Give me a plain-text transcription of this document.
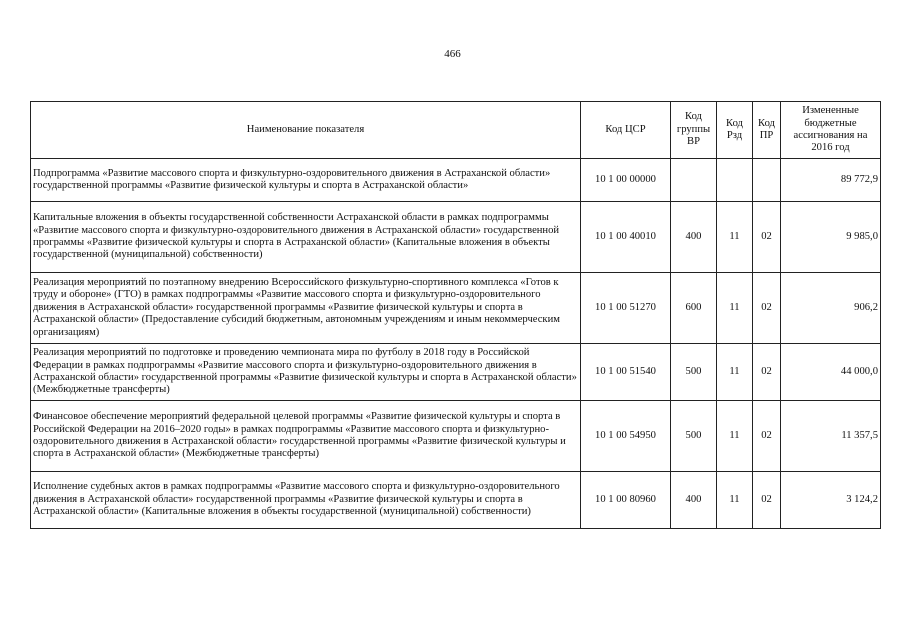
466
Наименование показателя	Код ЦСР	Код группы ВР	Код Рзд	Код ПР	Измененные бюджетные ассигнования на 2016 год
Подпрограмма «Развитие массового спорта и физкультурно-оздоровительного движения в Астраханской области» государственной программы «Развитие физической культуры и спорта в Астраханской области»	10 1 00 00000				89 772,9
Капитальные вложения в объекты государственной собственности Астраханской области в рамках подпрограммы «Развитие массового спорта и физкультурно-оздоровительного движения в Астраханской области» государственной программы «Развитие физической культуры и спорта в Астраханской области» (Капитальные вложения в объекты государственной (муниципальной) собственности)	10 1 00 40010	400	11	02	9 985,0
Реализация мероприятий по поэтапному внедрению Всероссийского физкультурно-спортивного комплекса «Готов к труду и обороне» (ГТО) в рамках подпрограммы «Развитие массового спорта и физкультурно-оздоровительного движения в Астраханской области» государственной программы «Развитие физической культуры и спорта в Астраханской области» (Предоставление субсидий бюджетным, автономным учреждениям и иным некоммерческим организациям)	10 1 00 51270	600	11	02	906,2
Реализация мероприятий по подготовке и проведению чемпионата мира по футболу в 2018 году в Российской Федерации в рамках подпрограммы «Развитие массового спорта и физкультурно-оздоровительного движения в Астраханской области» государственной программы «Развитие физической культуры и спорта в Астраханской области» (Межбюджетные трансферты)	10 1 00 51540	500	11	02	44 000,0
Финансовое обеспечение мероприятий федеральной целевой программы «Развитие физической культуры и спорта в Российской Федерации на 2016–2020 годы» в рамках подпрограммы «Развитие массового спорта и физкультурно-оздоровительного движения в Астраханской области» государственной программы «Развитие физической культуры и спорта в Астраханской области» (Межбюджетные трансферты)	10 1 00 54950	500	11	02	11 357,5
Исполнение судебных актов в рамках подпрограммы «Развитие массового спорта и физкультурно-оздоровительного движения в Астраханской области» государственной программы «Развитие физической культуры и спорта в Астраханской области» (Капитальные вложения в объекты государственной (муниципальной) собственности)	10 1 00 80960	400	11	02	3 124,2
